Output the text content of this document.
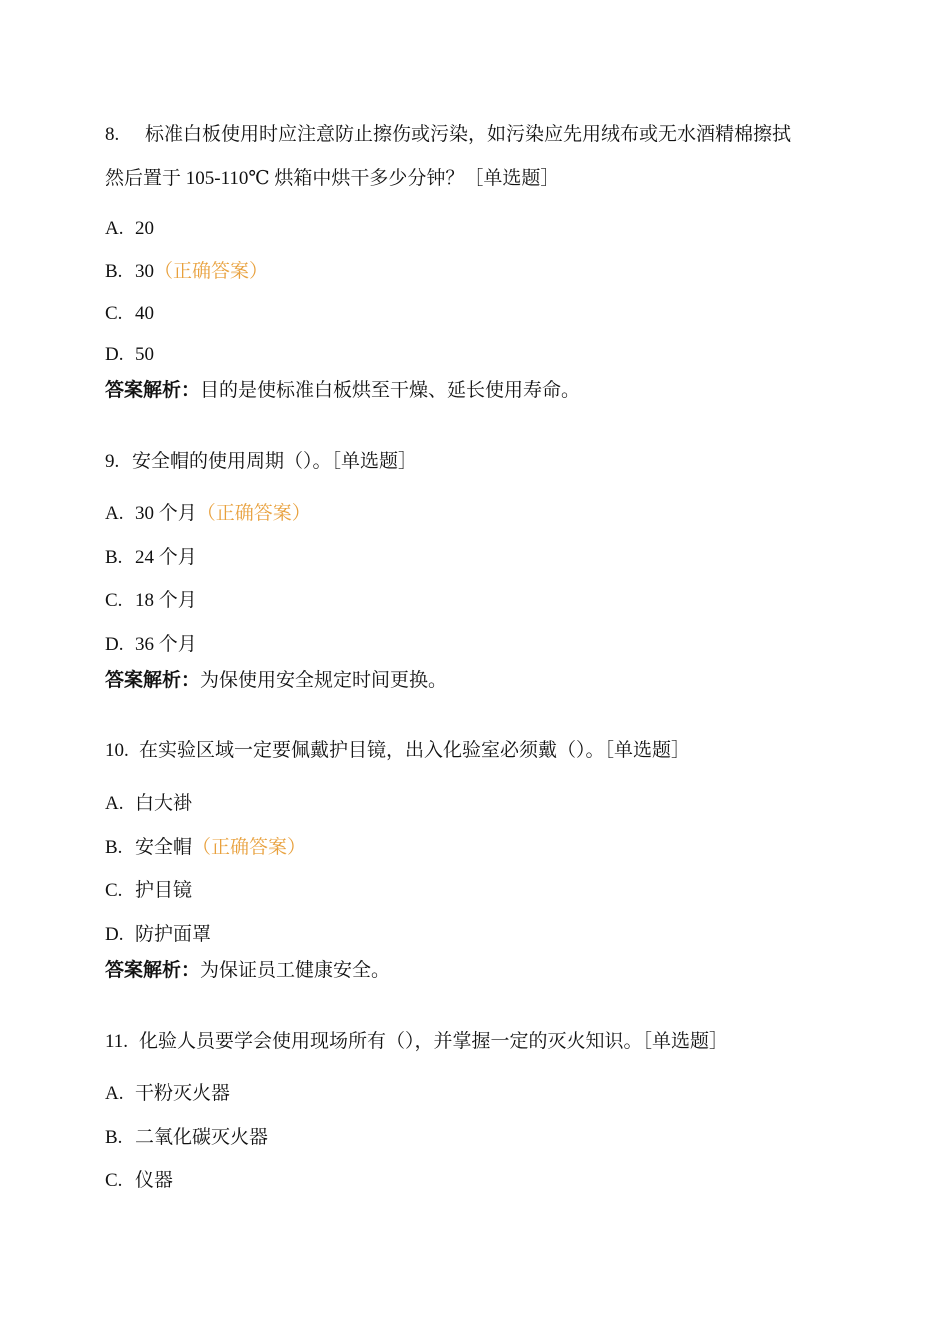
8. 标准白板使用时应注意防止擦伤或污染，如污染应先用绒布或无水酒精棉擦拭
然后置于 105-110℃ 烘箱中烘干多少分钟？［单选题］
A. 20
B. 30（正确答案）
C. 40
D. 50
答案解析：目的是使标准白板烘至干燥、延长使用寿命。
9. 安全帽的使用周期（）。［单选题］
A. 30 个月（正确答案）
B. 24 个月
C. 18 个月
D. 36 个月
答案解析：为保使用安全规定时间更换。
10. 在实验区域一定要佩戴护目镜，出入化验室必须戴（）。［单选题］
A. 白大褂
B. 安全帽（正确答案）
C. 护目镜
D. 防护面罩
答案解析：为保证员工健康安全。
11. 化验人员要学会使用现场所有（），并掌握一定的灭火知识。［单选题］
A. 干粉灭火器
B. 二氧化碳灭火器
C. 仪器
